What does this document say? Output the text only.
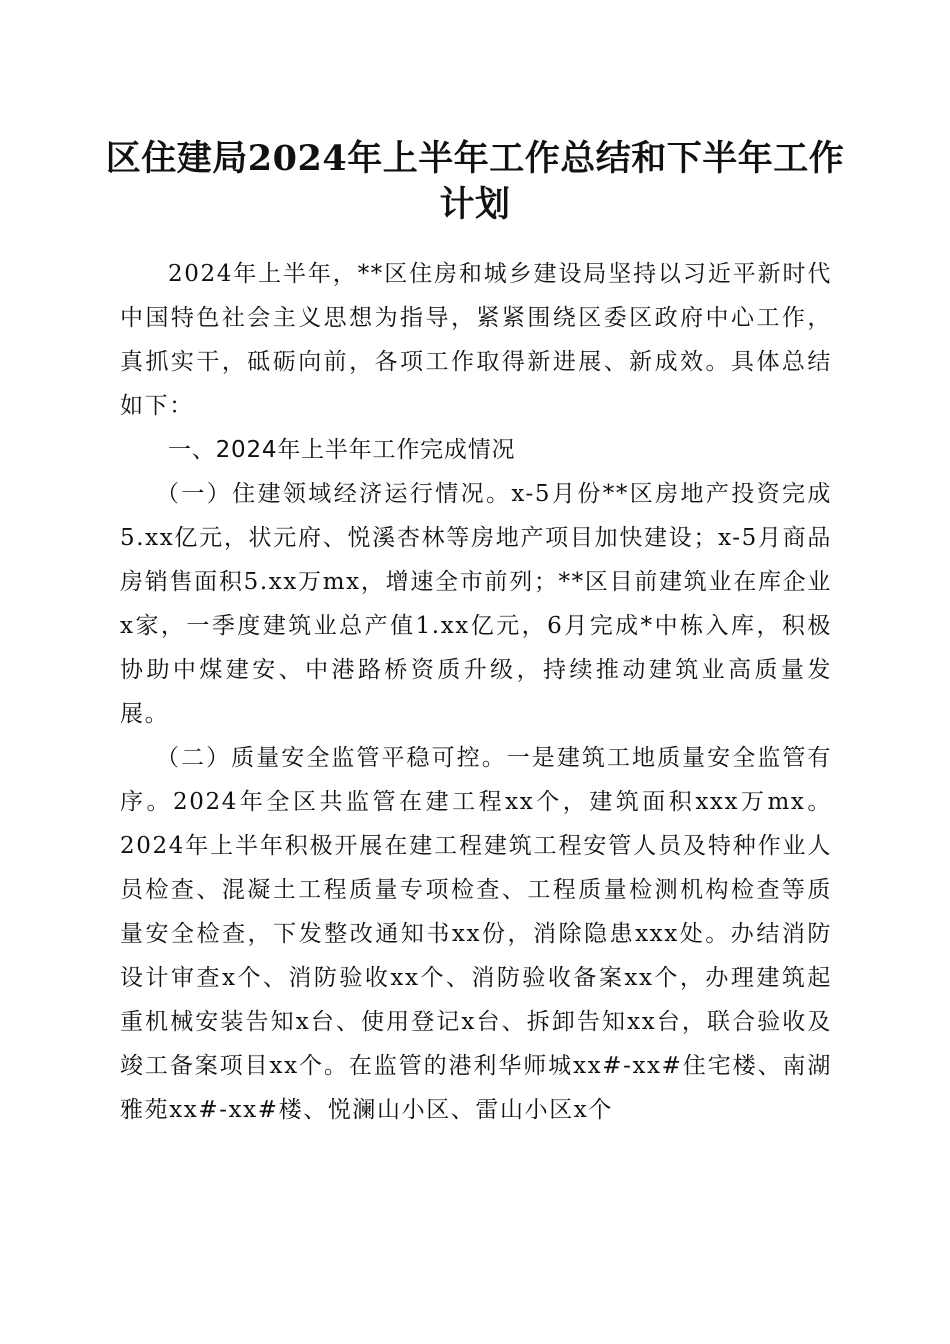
区住建局2024年上半年工作总结和下半年工作计划

2024年上半年，**区住房和城乡建设局坚持以习近平新时代中国特色社会主义思想为指导，紧紧围绕区委区政府中心工作，真抓实干，砥砺向前，各项工作取得新进展、新成效。具体总结如下：

一、2024年上半年工作完成情况

（一）住建领域经济运行情况。x-5月份**区房地产投资完成5.xx亿元，状元府、悦溪杏林等房地产项目加快建设；x-5月商品房销售面积5.xx万mx，增速全市前列；**区目前建筑业在库企业x家，一季度建筑业总产值1.xx亿元，6月完成*中栋入库，积极协助中煤建安、中港路桥资质升级，持续推动建筑业高质量发展。

（二）质量安全监管平稳可控。一是建筑工地质量安全监管有序。2024年全区共监管在建工程xx个，建筑面积xxx万mx。2024年上半年积极开展在建工程建筑工程安管人员及特种作业人员检查、混凝土工程质量专项检查、工程质量检测机构检查等质量安全检查，下发整改通知书xx份，消除隐患xxx处。办结消防设计审查x个、消防验收xx个、消防验收备案xx个，办理建筑起重机械安装告知x台、使用登记x台、拆卸告知xx台，联合验收及竣工备案项目xx个。在监管的港利华师城xx#-xx#住宅楼、南湖雅苑xx#-xx#楼、悦澜山小区、雷山小区x个
